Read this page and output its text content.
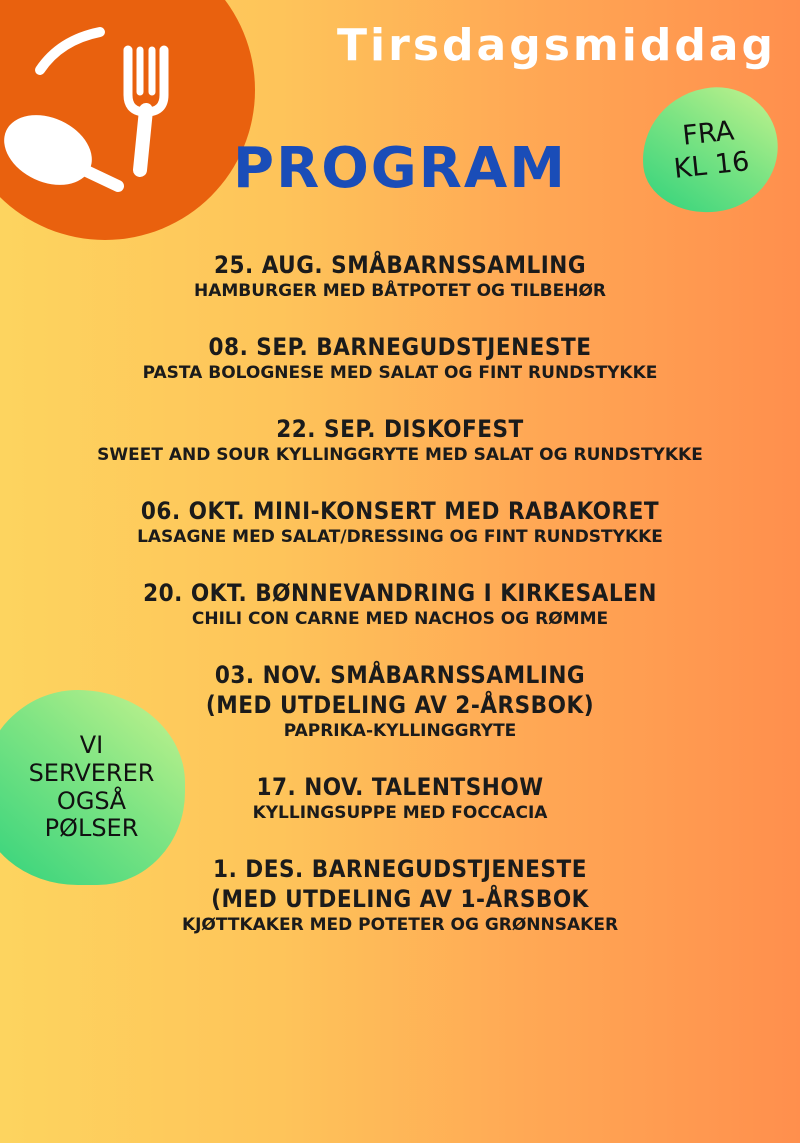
Tirsdagsmiddag
FRA
KL 16
PROGRAM
VI
SERVERER
OGSÅ
PØLSER
25. AUG. SMÅBARNSSAMLING
HAMBURGER MED BÅTPOTET OG TILBEHØR
08. SEP. BARNEGUDSTJENESTE
PASTA BOLOGNESE MED SALAT OG FINT RUNDSTYKKE
22. SEP. DISKOFEST
SWEET AND SOUR KYLLINGGRYTE MED SALAT OG RUNDSTYKKE
06. OKT. MINI-KONSERT MED RABAKORET
LASAGNE MED SALAT/DRESSING OG FINT RUNDSTYKKE
20. OKT. BØNNEVANDRING I KIRKESALEN
CHILI CON CARNE MED NACHOS OG RØMME
03. NOV. SMÅBARNSSAMLING
(MED UTDELING AV 2-ÅRSBOK)
PAPRIKA-KYLLINGGRYTE
17. NOV. TALENTSHOW
KYLLINGSUPPE MED FOCCACIA
1. DES. BARNEGUDSTJENESTE
(MED UTDELING AV 1-ÅRSBOK
KJØTTKAKER MED POTETER OG GRØNNSAKER
